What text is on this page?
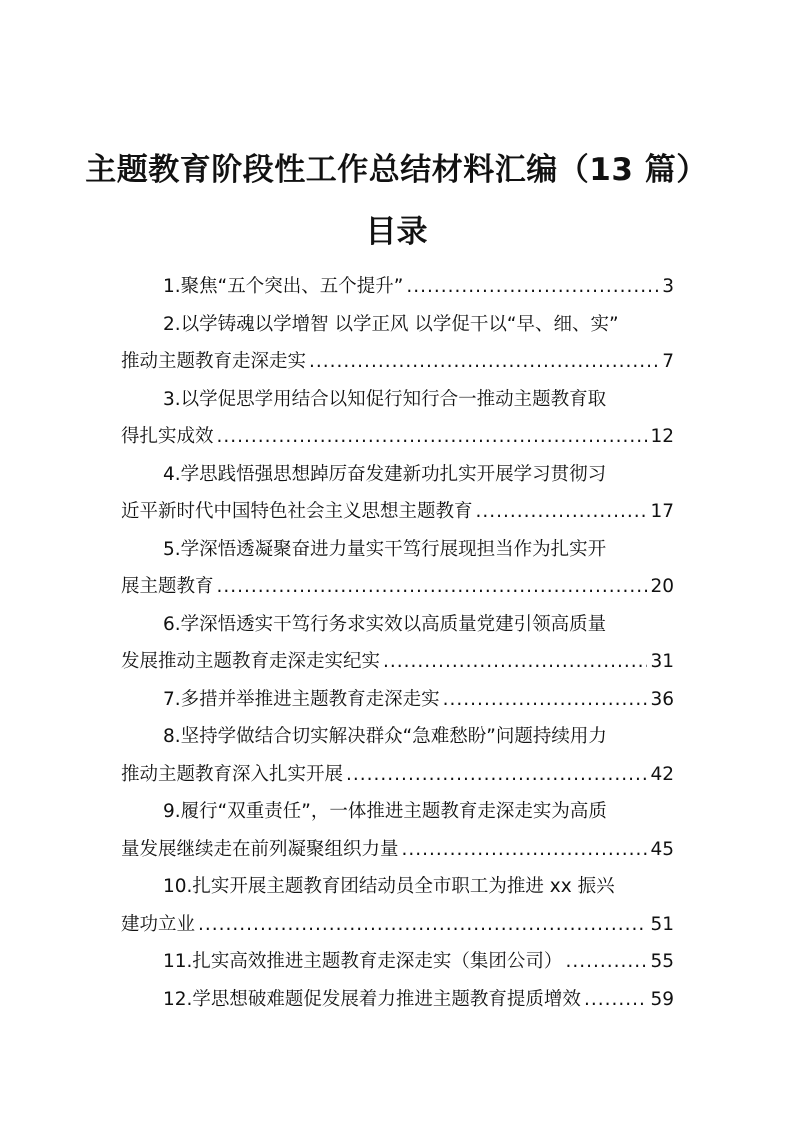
主题教育阶段性工作总结材料汇编（13 篇）
目录
1.聚焦“五个突出、五个提升” .....	3
2.以学铸魂以学增智 以学正风 以学促干以“早、细、实”
推动主题教育走深走实 .....	7
3.以学促思学用结合以知促行知行合一推动主题教育取
得扎实成效 .....	12
4.学思践悟强思想踔厉奋发建新功扎实开展学习贯彻习
近平新时代中国特色社会主义思想主题教育 .....	17
5.学深悟透凝聚奋进力量实干笃行展现担当作为扎实开
展主题教育 .....	20
6.学深悟透实干笃行务求实效以高质量党建引领高质量
发展推动主题教育走深走实纪实 .....	31
7.多措并举推进主题教育走深走实 .....	36
8.坚持学做结合切实解决群众“急难愁盼”问题持续用力
推动主题教育深入扎实开展 .....	42
9.履行“双重责任”，一体推进主题教育走深走实为高质
量发展继续走在前列凝聚组织力量 .....	45
10.扎实开展主题教育团结动员全市职工为推进 xx 振兴
建功立业 .....	51
11.扎实高效推进主题教育走深走实（集团公司） .....	55
12.学思想破难题促发展着力推进主题教育提质增效 .....	59
